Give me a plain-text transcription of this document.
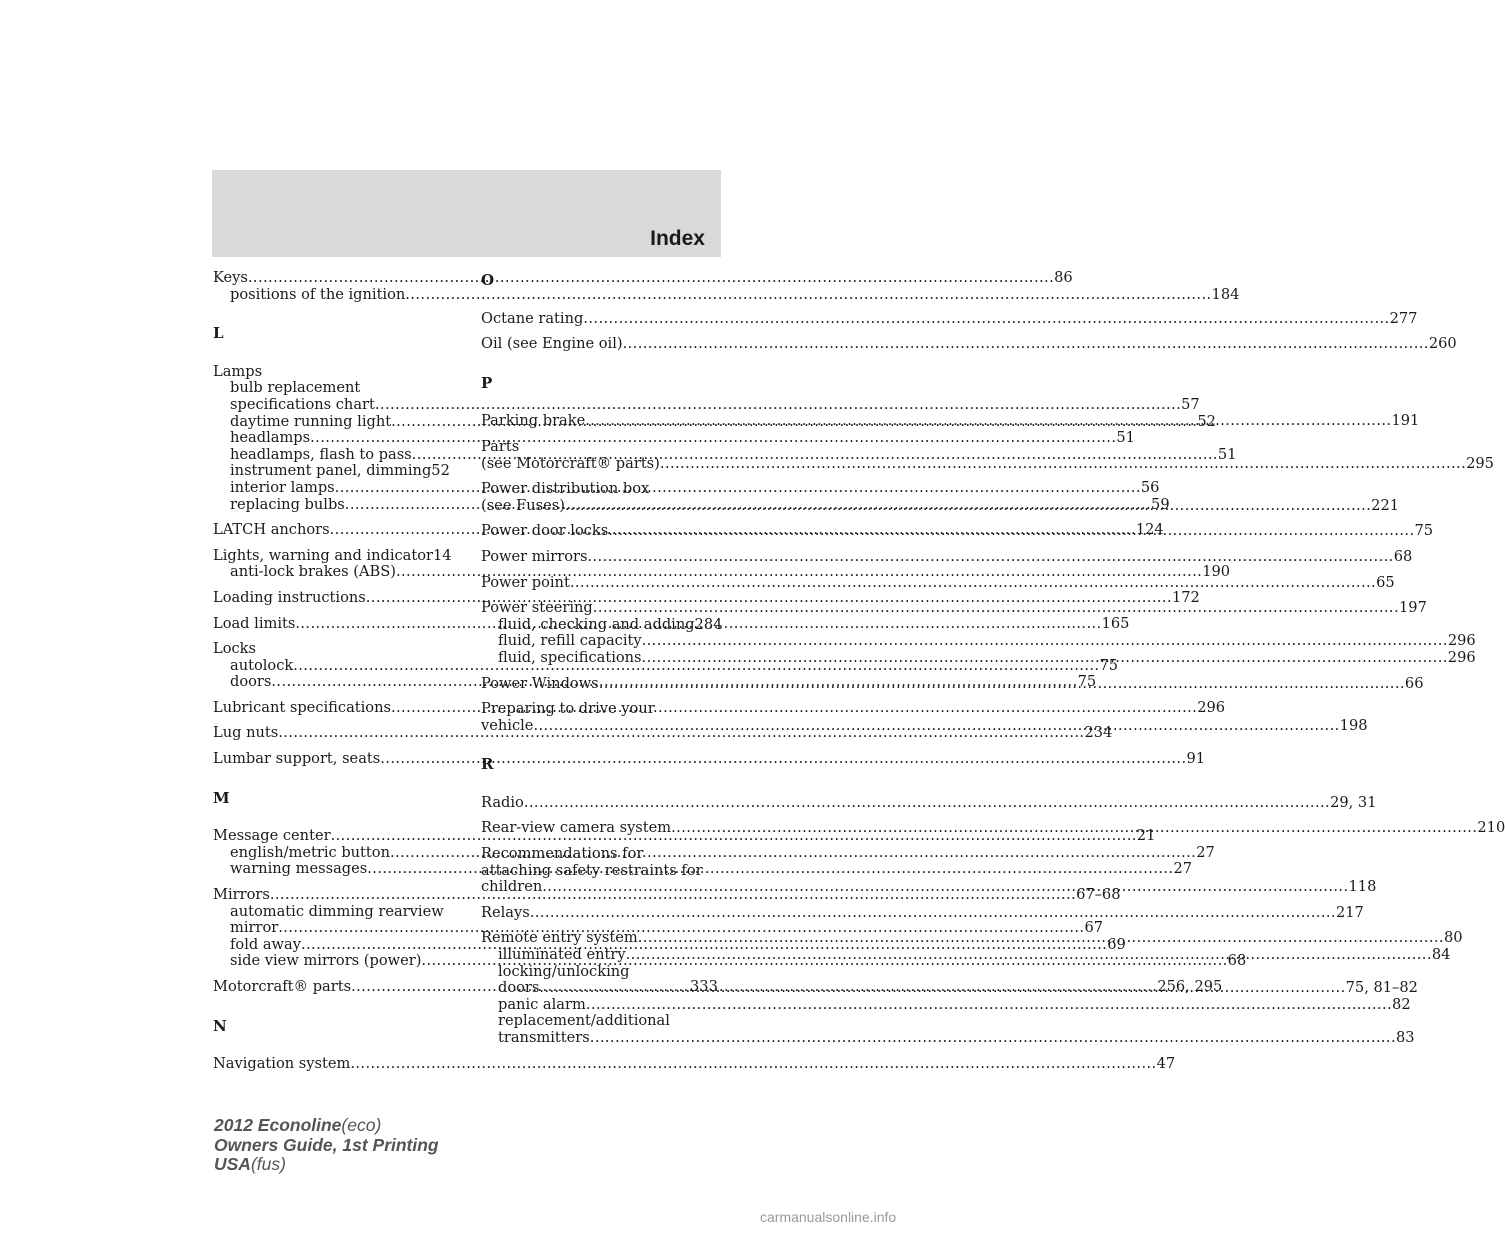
Index
Keys .....	86
positions of the ignition .....	184
L
Lamps
bulb replacement
specifications chart .....	57
daytime running light .....	52
headlamps .....	51
headlamps, flash to pass .....	51
instrument panel, dimming 52
interior lamps .....	56
replacing bulbs .....	59
LATCH anchors .....	124
Lights, warning and indicator 14
anti-lock brakes (ABS) .....	190
Loading instructions .....	172
Load limits .....	165
Locks
autolock .....	75
doors .....	75
Lubricant specifications .....	296
Lug nuts .....	234
Lumbar support, seats .....	91
M
Message center .....	21
english/metric button .....	27
warning messages .....	27
Mirrors .....	67–68
automatic dimming rearview
mirror .....	67
fold away .....	69
side view mirrors (power) .....	68
Motorcraft® parts .....	256, 295
N
Navigation system .....	47
O
Octane rating .....	277
Oil (see Engine oil) .....	260
P
Parking brake .....	191
Parts
(see Motorcraft® parts) .....	295
Power distribution box
(see Fuses) .....	221
Power door locks .....	75
Power mirrors .....	68
Power point .....	65
Power steering .....	197
fluid, checking and adding 284
fluid, refill capacity .....	296
fluid, specifications .....	296
Power Windows .....	66
Preparing to drive your
vehicle .....	198
R
Radio .....	29, 31
Rear-view camera system .....	210
Recommendations for
attaching safety restraints for
children .....	118
Relays .....	217
Remote entry system .....	80
illuminated entry .....	84
locking/unlocking
doors .....	75, 81–82
panic alarm .....	82
replacement/additional
transmitters .....	83
333
2012 Econoline(eco)
Owners Guide, 1st Printing
USA(fus)
carmanualsonline.info
